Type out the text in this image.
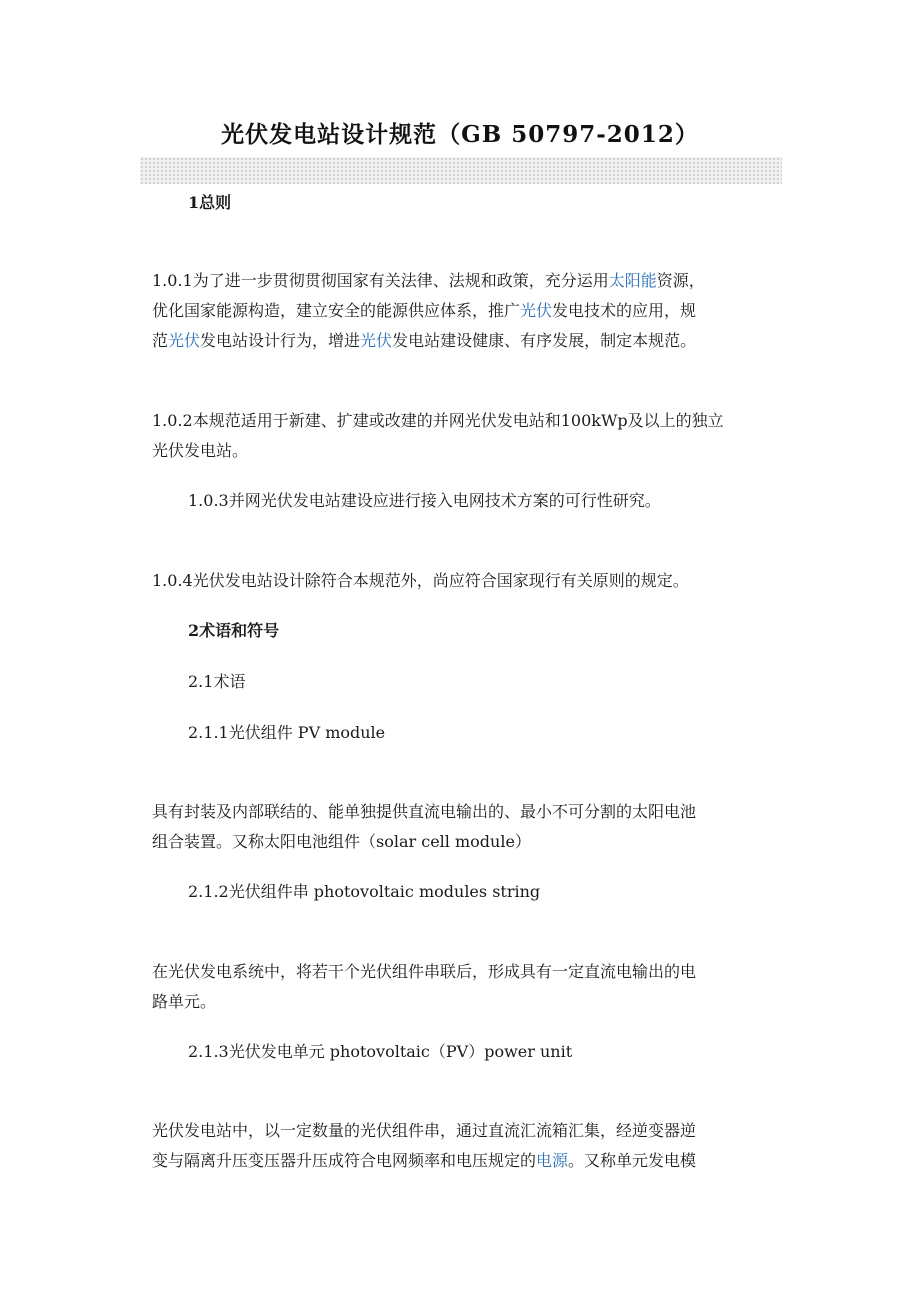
光伏发电站设计规范（GB 50797-2012）
1总则
1.0.1为了进一步贯彻贯彻国家有关法律、法规和政策，充分运用太阳能资源，
优化国家能源构造，建立安全的能源供应体系，推广光伏发电技术的应用，规
范光伏发电站设计行为，增进光伏发电站建设健康、有序发展，制定本规范。
1.0.2本规范适用于新建、扩建或改建的并网光伏发电站和100kWp及以上的独立
光伏发电站。
1.0.3并网光伏发电站建设应进行接入电网技术方案的可行性研究。
1.0.4光伏发电站设计除符合本规范外，尚应符合国家现行有关原则的规定。
2术语和符号
2.1术语
2.1.1光伏组件 PV module
具有封装及内部联结的、能单独提供直流电输出的、最小不可分割的太阳电池
组合装置。又称太阳电池组件（solar cell module）
2.1.2光伏组件串 photovoltaic modules string
在光伏发电系统中，将若干个光伏组件串联后，形成具有一定直流电输出的电
路单元。
2.1.3光伏发电单元 photovoltaic（PV）power unit
光伏发电站中，以一定数量的光伏组件串，通过直流汇流箱汇集，经逆变器逆
变与隔离升压变压器升压成符合电网频率和电压规定的电源。又称单元发电模
